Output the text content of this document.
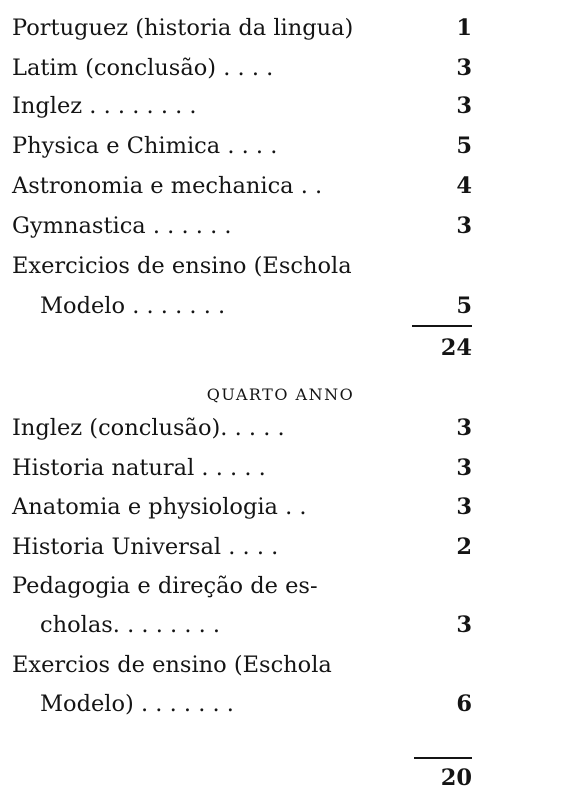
Portuguez (historia da lingua)	1
Latim (conclusão) . . . .	3
Inglez . . . . . . . .	3
Physica e Chimica . . . .	5
Astronomia e mechanica . .	4
Gymnastica . . . . . .	3
Exercicios de ensino (Eschola
Modelo . . . . . . .	5
24
QUARTO ANNO
Inglez (conclusão). . . . .	3
Historia natural . . . . .	3
Anatomia e physiologia . .	3
Historia Universal . . . .	2
Pedagogia e direção de es-
cholas. . . . . . . .	3
Exercios de ensino (Eschola
Modelo) . . . . . . .	6
20
